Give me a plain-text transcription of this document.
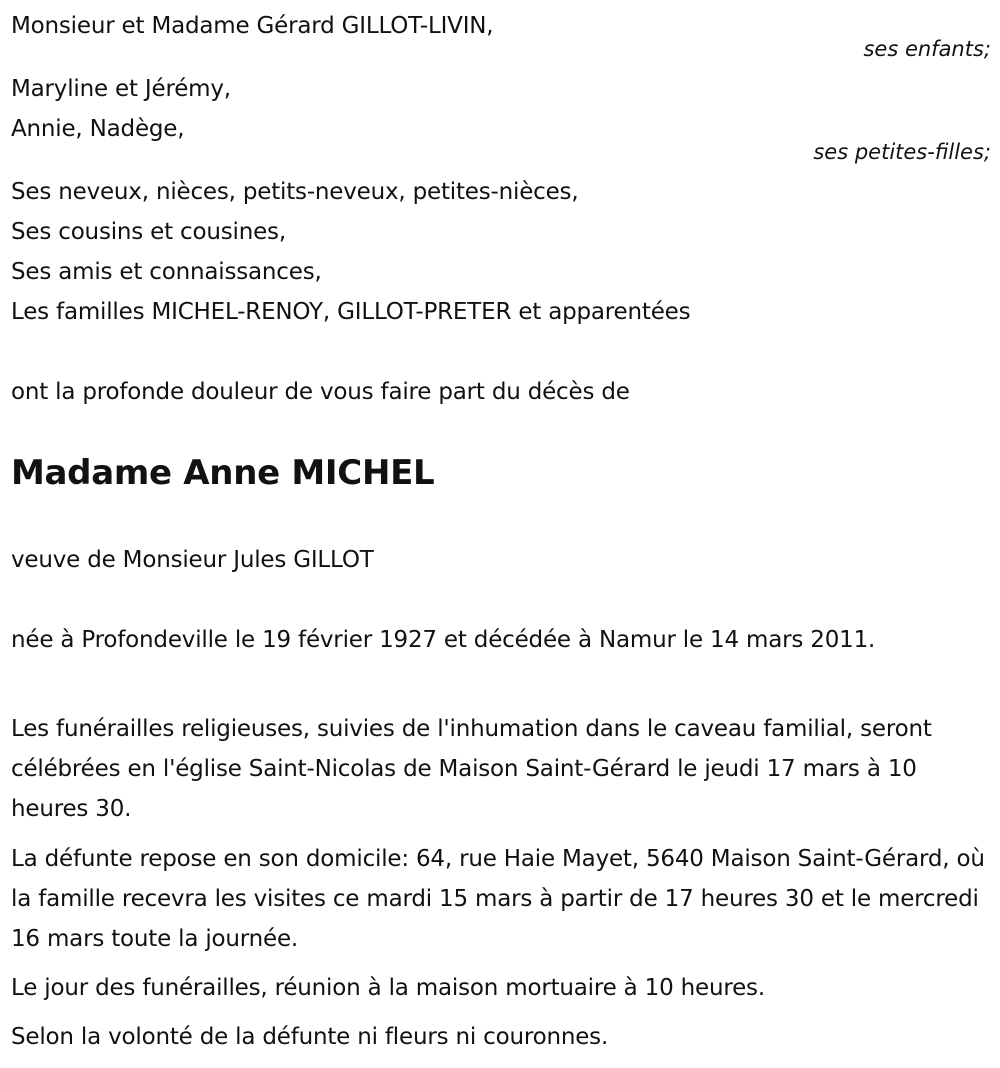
Monsieur et Madame Gérard GILLOT-LIVIN,
ses enfants;
Maryline et Jérémy,
Annie, Nadège,
ses petites-filles;
Ses neveux, nièces, petits-neveux, petites-nièces,
Ses cousins et cousines,
Ses amis et connaissances,
Les familles MICHEL-RENOY, GILLOT-PRETER et apparentées
ont la profonde douleur de vous faire part du décès de
Madame Anne MICHEL
veuve de Monsieur Jules GILLOT
née à Profondeville le 19 février 1927 et décédée à Namur le 14 mars 2011.
Les funérailles religieuses, suivies de l'inhumation dans le caveau familial, seront célébrées en l'église Saint-Nicolas de Maison Saint-Gérard le jeudi 17 mars à 10 heures 30.
La défunte repose en son domicile: 64, rue Haie Mayet, 5640 Maison Saint-Gérard, où la famille recevra les visites ce mardi 15 mars à partir de 17 heures 30 et le mercredi 16 mars toute la journée.
Le jour des funérailles, réunion à la maison mortuaire à 10 heures.
Selon la volonté de la défunte ni fleurs ni couronnes.
